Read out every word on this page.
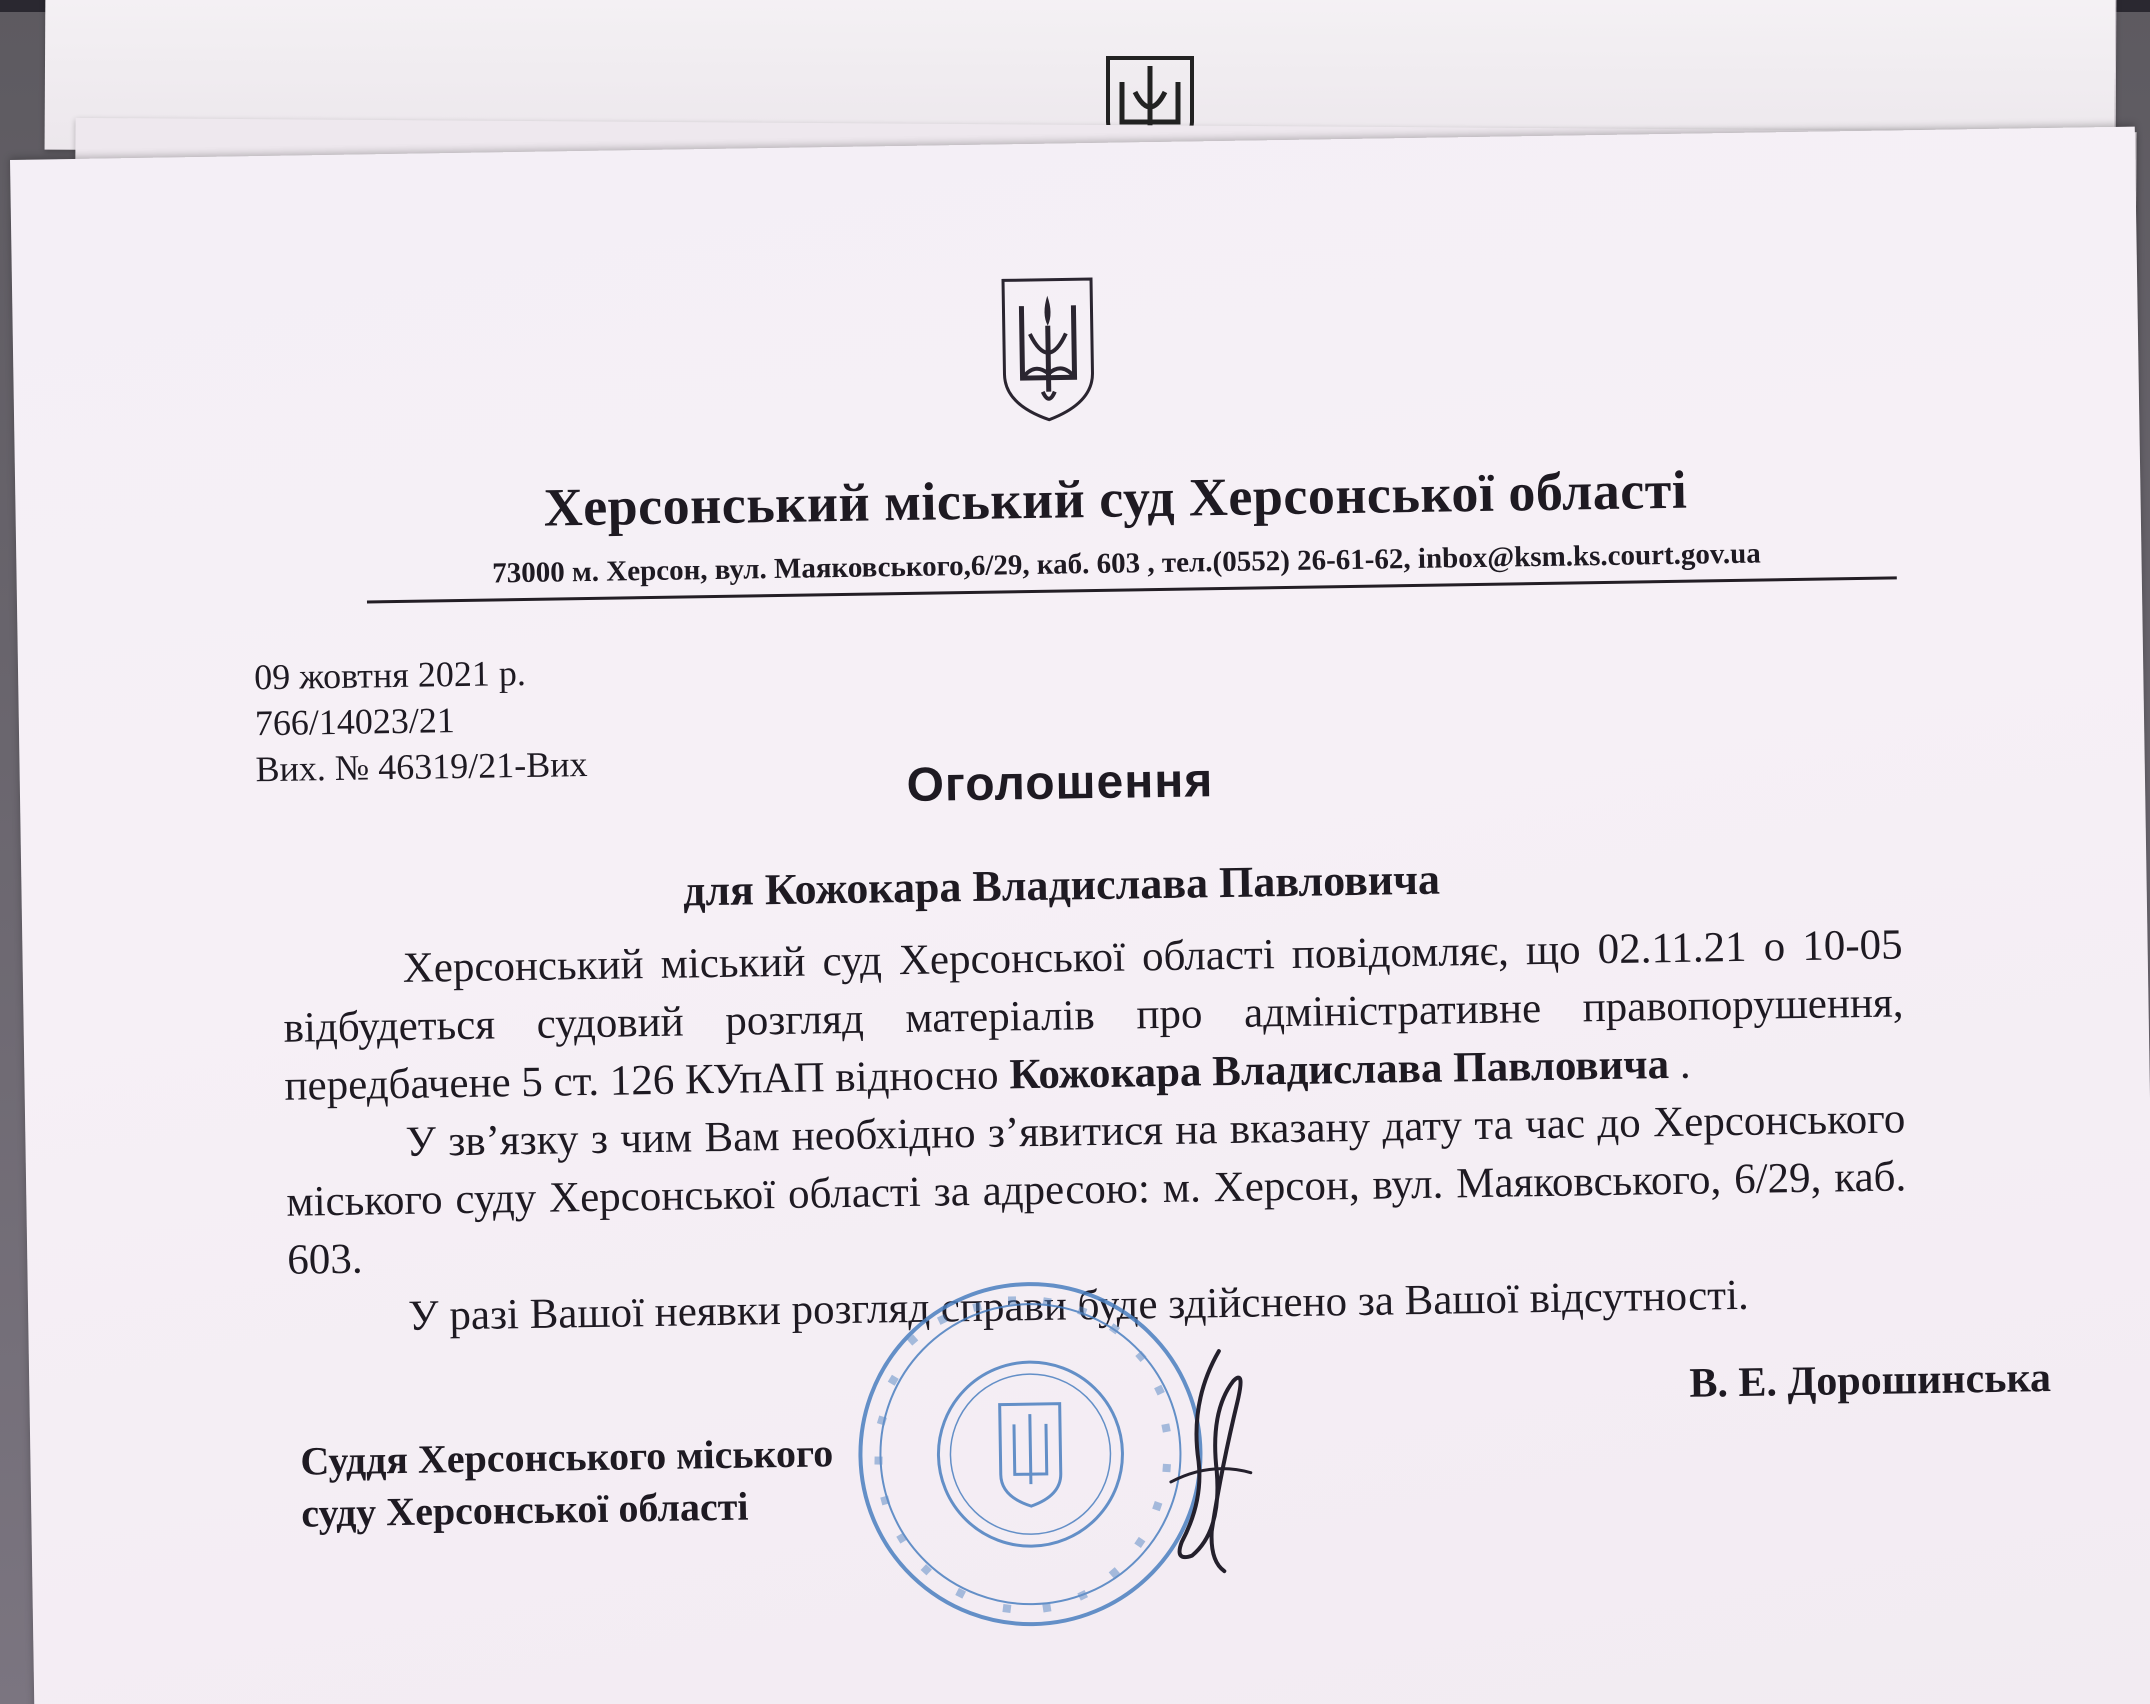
Херсонський міський суд Херсонської області
73000 м. Херсон, вул. Маяковського,6/29, каб. 603 , тел.(0552) 26-61-62, inbox@ksm.ks.court.gov.ua
09 жовтня 2021 р.
766/14023/21
Вих. № 46319/21-Вих	Оголошення
для Кожокара Владислава Павловича
Херсонський міський суд Херсонської області повідомляє, що 02.11.21 о 10-05 відбудеться судовий розгляд матеріалів про адміністративне правопорушення, передбачене 5 ст. 126 КУпАП відносно Кожокара Владислава Павловича .
У зв’язку з чим Вам необхідно з’явитися на вказану дату та час до Херсонського міського суду Херсонської області за адресою: м. Херсон, вул. Маяковського, 6/29, каб. 603.
У разі Вашої неявки розгляд справи буде здійснено за Вашої відсутності.
В. Е. Дорошинська
Суддя Херсонського міського
суду Херсонської області
